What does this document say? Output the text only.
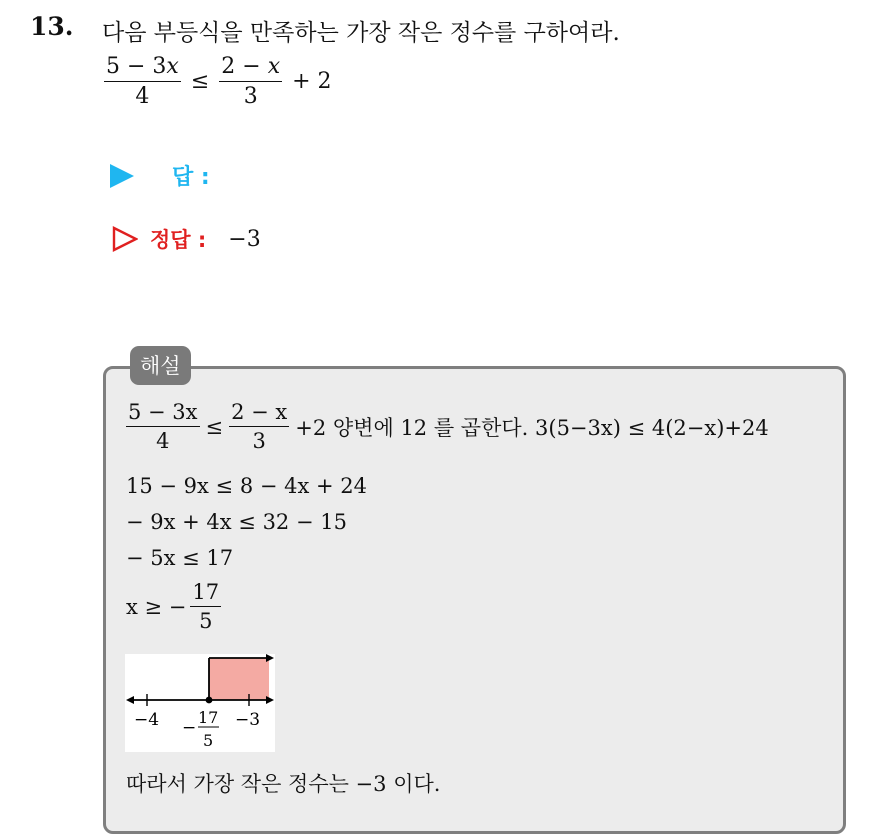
13. 다음 부등식을 만족하는 가장 작은 정수를 구하여라.
$\frac{5 - 3x}{4} \le \frac{2 - x}{3} + 2$
답 :
정답 : −3
해설
$\frac{5 - 3x}{4} \le \frac{2 - x}{3} +2$ 양변에 12 를 곱한다. 3(5−3x) ≤ 4(2−x)+24
15 − 9x ≤ 8 − 4x + 24
− 9x + 4x ≤ 32 − 15
− 5x ≤ 17
x ≥ − $\frac{17}{5}$
−4	−3
−
17
5
따라서 가장 작은 정수는 −3 이다.
